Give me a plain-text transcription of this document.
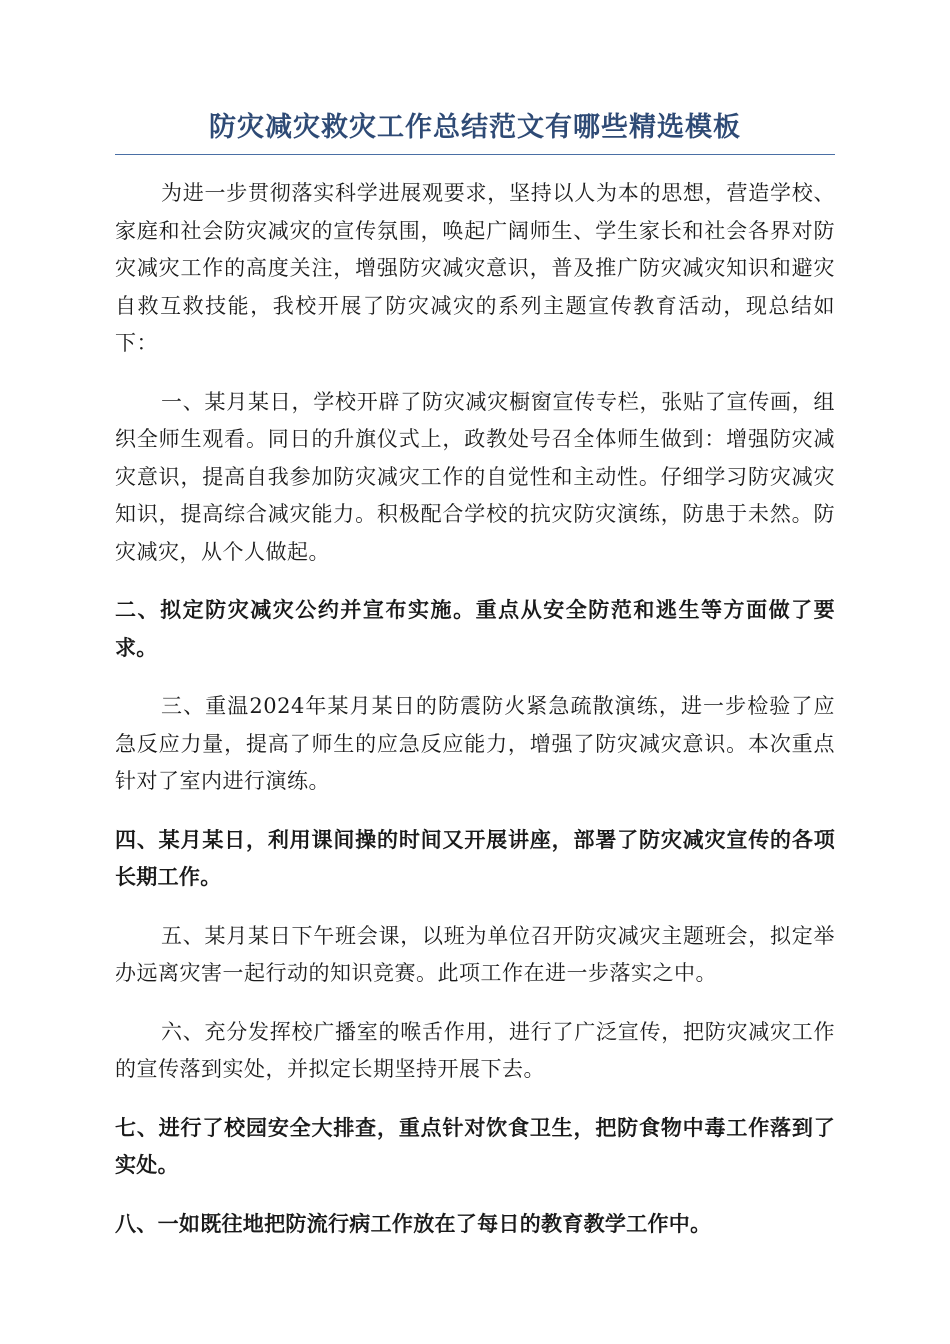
防灾减灾救灾工作总结范文有哪些精选模板

为进一步贯彻落实科学进展观要求，坚持以人为本的思想，营造学校、家庭和社会防灾减灾的宣传氛围，唤起广阔师生、学生家长和社会各界对防灾减灾工作的高度关注，增强防灾减灾意识，普及推广防灾减灾知识和避灾自救互救技能，我校开展了防灾减灾的系列主题宣传教育活动，现总结如下：

一、某月某日，学校开辟了防灾减灾橱窗宣传专栏，张贴了宣传画，组织全师生观看。同日的升旗仪式上，政教处号召全体师生做到：增强防灾减灾意识，提高自我参加防灾减灾工作的自觉性和主动性。仔细学习防灾减灾知识，提高综合减灾能力。积极配合学校的抗灾防灾演练，防患于未然。防灾减灾，从个人做起。

二、拟定防灾减灾公约并宣布实施。重点从安全防范和逃生等方面做了要求。

三、重温2024年某月某日的防震防火紧急疏散演练，进一步检验了应急反应力量，提高了师生的应急反应能力，增强了防灾减灾意识。本次重点针对了室内进行演练。

四、某月某日，利用课间操的时间又开展讲座，部署了防灾减灾宣传的各项长期工作。

五、某月某日下午班会课，以班为单位召开防灾减灾主题班会，拟定举办远离灾害一起行动的知识竞赛。此项工作在进一步落实之中。

六、充分发挥校广播室的喉舌作用，进行了广泛宣传，把防灾减灾工作的宣传落到实处，并拟定长期坚持开展下去。

七、进行了校园安全大排查，重点针对饮食卫生，把防食物中毒工作落到了实处。

八、一如既往地把防流行病工作放在了每日的教育教学工作中。
